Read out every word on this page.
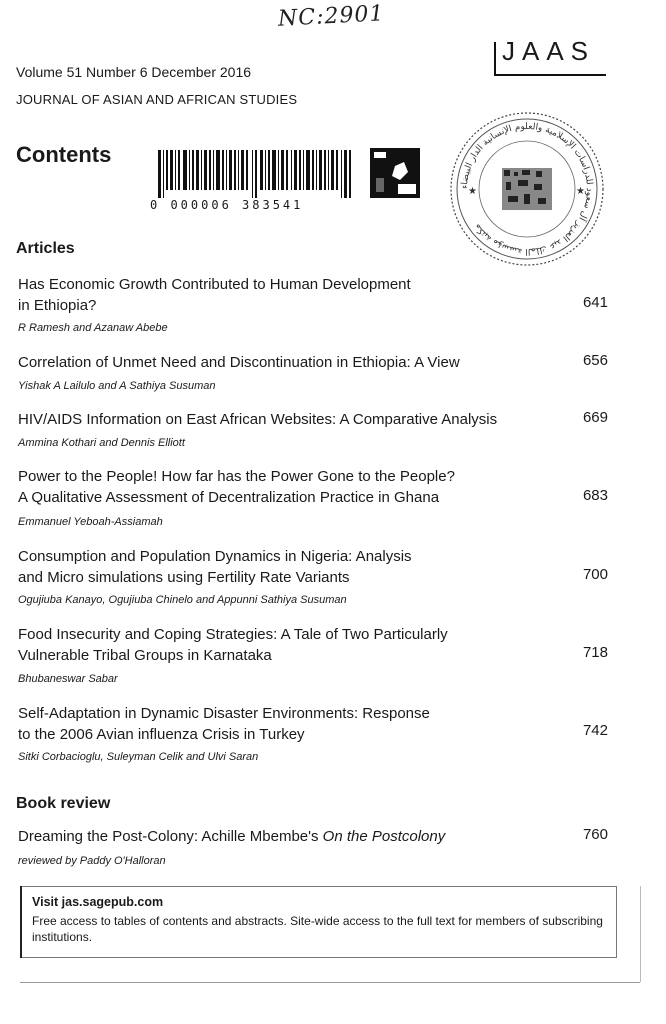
NC:2901
JAAS
Volume 51 Number 6 December 2016
JOURNAL OF ASIAN AND AFRICAN STUDIES
Contents
0 000006 383541
مكتبة مؤسسة الملك عبد العزيز آل سعود للدراسات الإسلامية والعلوم الإنسانية الدار البيضاء
★	★
Articles
Has Economic Growth Contributed to Human Development
in Ethiopia?	641
R Ramesh and Azanaw Abebe
Correlation of Unmet Need and Discontinuation in Ethiopia: A View	656
Yishak A Lailulo and A Sathiya Susuman
HIV/AIDS Information on East African Websites: A Comparative Analysis	669
Ammina Kothari and Dennis Elliott
Power to the People! How far has the Power Gone to the People?
A Qualitative Assessment of Decentralization Practice in Ghana	683
Emmanuel Yeboah-Assiamah
Consumption and Population Dynamics in Nigeria: Analysis
and Micro simulations using Fertility Rate Variants	700
Ogujiuba Kanayo, Ogujiuba Chinelo and Appunni Sathiya Susuman
Food Insecurity and Coping Strategies: A Tale of Two Particularly
Vulnerable Tribal Groups in Karnataka	718
Bhubaneswar Sabar
Self-Adaptation in Dynamic Disaster Environments: Response
to the 2006 Avian influenza Crisis in Turkey	742
Sitki Corbacioglu, Suleyman Celik and Ulvi Saran
Book review
Dreaming the Post-Colony: Achille Mbembe's On the Postcolony	760
reviewed by Paddy O'Halloran
Visit jas.sagepub.com
Free access to tables of contents and abstracts. Site-wide access to the full text for members of subscribing institutions.
